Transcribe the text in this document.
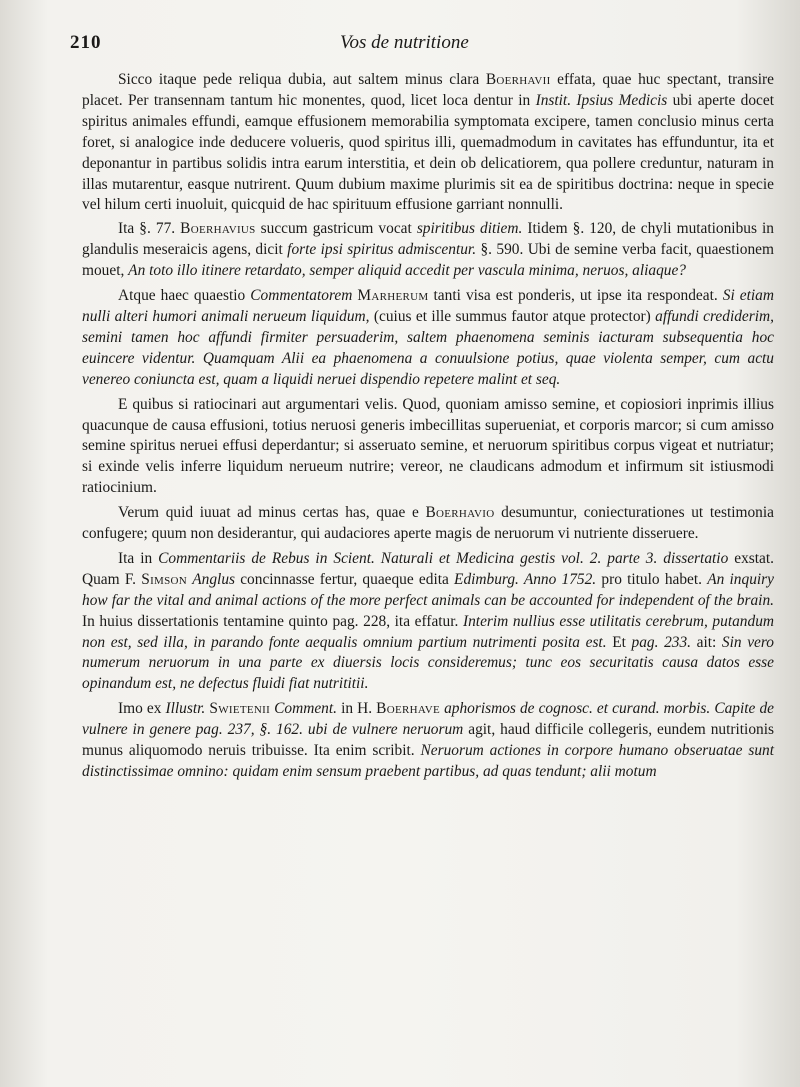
210	Vos de nutritione

Sicco itaque pede reliqua dubia, aut saltem minus clara Boerhavii effata, quae huc spectant, transire placet. Per transennam tantum hic monentes, quod, licet loca dentur in Instit. Ipsius Medicis ubi aperte docet spiritus animales effundi, eamque effusionem memorabilia symptomata excipere, tamen conclusio minus certa foret, si analogice inde deducere volueris, quod spiritus illi, quemadmodum in cavitates has effunduntur, ita et deponantur in partibus solidis intra earum interstitia, et dein ob delicatiorem, qua pollere creduntur, naturam in illas mutarentur, easque nutrirent. Quum dubium maxime plurimis sit ea de spiritibus doctrina: neque in specie vel hilum certi inuoluit, quicquid de hac spirituum effusione garriant nonnulli.

Ita §. 77. Boerhavius succum gastricum vocat spiritibus ditiem. Itidem §. 120, de chyli mutationibus in glandulis meseraicis agens, dicit forte ipsi spiritus admiscentur. §. 590. Ubi de semine verba facit, quaestionem mouet, An toto illo itinere retardato, semper aliquid accedit per vascula minima, neruos, aliaque?

Atque haec quaestio Commentatorem Marherum tanti visa est ponderis, ut ipse ita respondeat. Si etiam nulli alteri humori animali nerueum liquidum, (cuius et ille summus fautor atque protector) affundi crediderim, semini tamen hoc affundi firmiter persuaderim, saltem phaenomena seminis iacturam subsequentia hoc euincere videntur. Quamquam Alii ea phaenomena a conuulsione potius, quae violenta semper, cum actu venereo coniuncta est, quam a liquidi neruei dispendio repetere malint et seq.

E quibus si ratiocinari aut argumentari velis. Quod, quoniam amisso semine, et copiosiori inprimis illius quacunque de causa effusioni, totius neruosi generis imbecillitas superueniat, et corporis marcor; si cum amisso semine spiritus neruei effusi deperdantur; si asseruato semine, et neruorum spiritibus corpus vigeat et nutriatur; si exinde velis inferre liquidum nerueum nutrire; vereor, ne claudicans admodum et infirmum sit istiusmodi ratiocinium.

Verum quid iuuat ad minus certas has, quae e Boerhavio desumuntur, coniecturationes ut testimonia confugere; quum non desiderantur, qui audaciores aperte magis de neruorum vi nutriente disseruere.

Ita in Commentariis de Rebus in Scient. Naturali et Medicina gestis vol. 2. parte 3. dissertatio exstat. Quam F. Simson Anglus concinnasse fertur, quaeque edita Edimburg. Anno 1752. pro titulo habet. An inquiry how far the vital and animal actions of the more perfect animals can be accounted for independent of the brain. In huius dissertationis tentamine quinto pag. 228, ita effatur. Interim nullius esse utilitatis cerebrum, putandum non est, sed illa, in parando fonte aequalis omnium partium nutrimenti posita est. Et pag. 233. ait: Sin vero numerum neruorum in una parte ex diuersis locis consideremus; tunc eos securitatis causa datos esse opinandum est, ne defectus fluidi fiat nutrititii.

Imo ex Illustr. Swietenii Comment. in H. Boerhave aphorismos de cognosc. et curand. morbis. Capite de vulnere in genere pag. 237, §. 162. ubi de vulnere neruorum agit, haud difficile collegeris, eundem nutritionis munus aliquomodo neruis tribuisse. Ita enim scribit. Neruorum actiones in corpore humano obseruatae sunt distinctissimae omnino: quidam enim sensum praebent partibus, ad quas tendunt; alii motum
